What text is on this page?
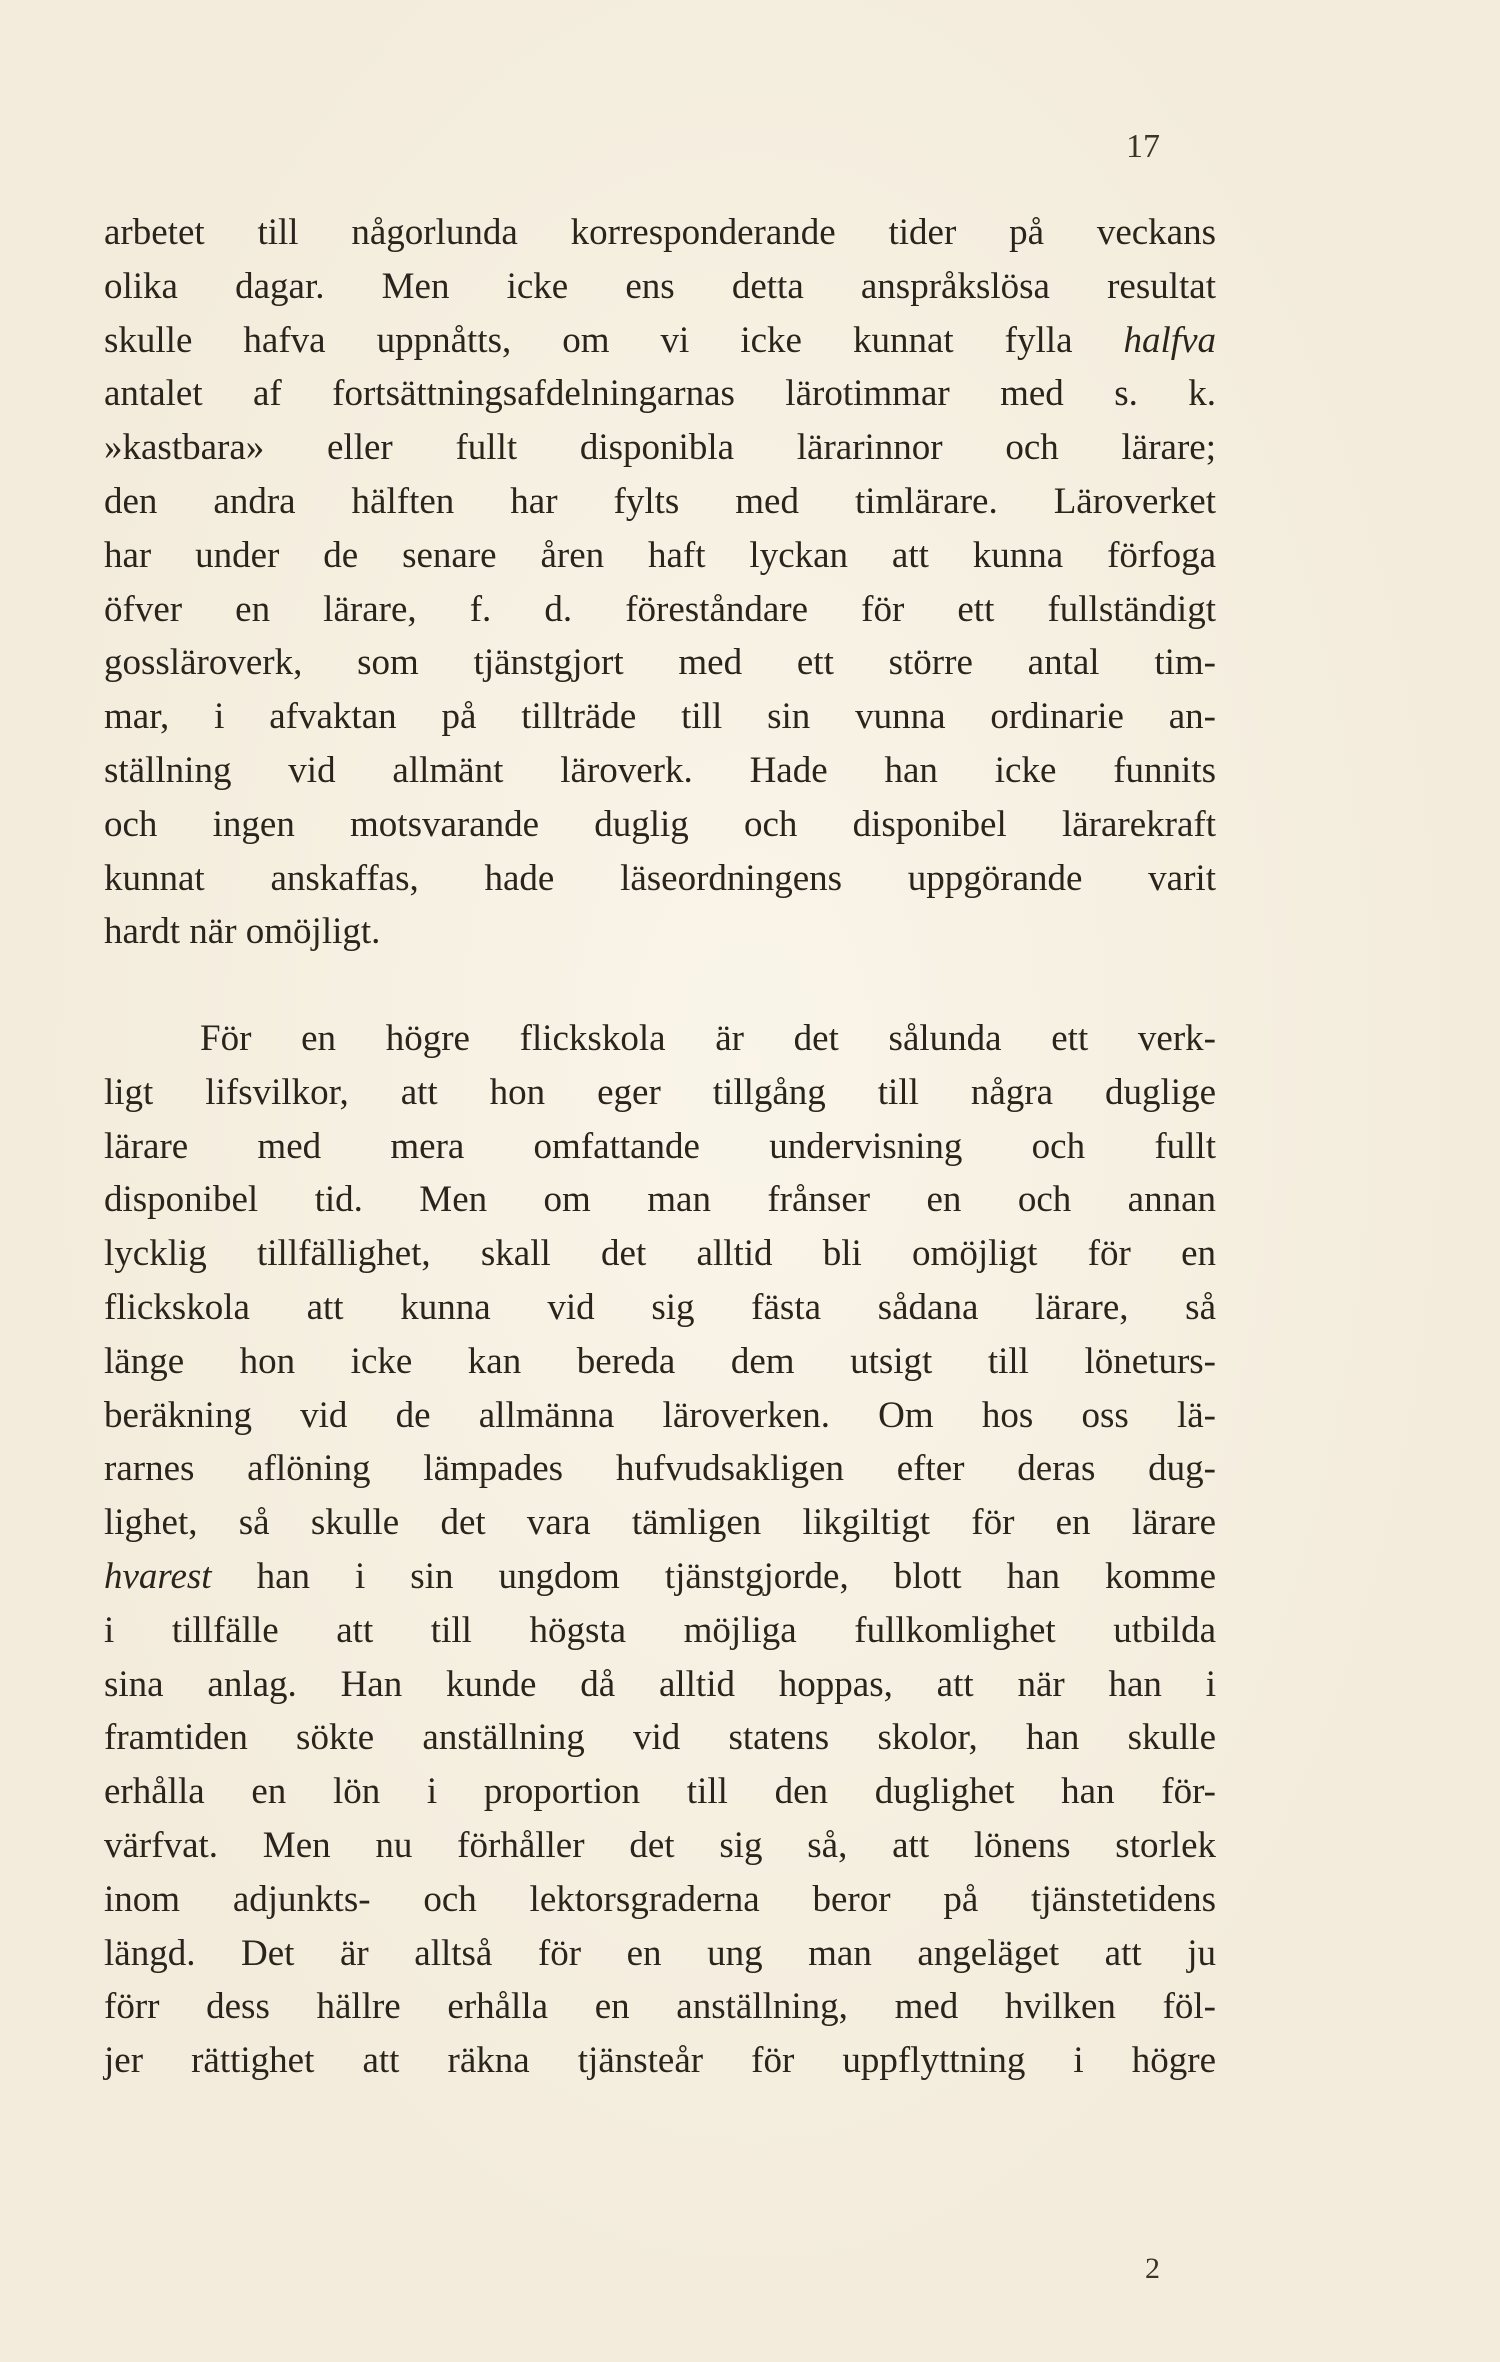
17
arbetet till någorlunda korresponderande tider på veckans
olika dagar. Men icke ens detta anspråkslösa resultat
skulle hafva uppnåtts, om vi icke kunnat fylla halfva
antalet af fortsättningsafdelningarnas lärotimmar med s. k.
»kastbara» eller fullt disponibla lärarinnor och lärare;
den andra hälften har fylts med timlärare. Läroverket
har under de senare åren haft lyckan att kunna förfoga
öfver en lärare, f. d. föreståndare för ett fullständigt
gossläroverk, som tjänstgjort med ett större antal tim-
mar, i afvaktan på tillträde till sin vunna ordinarie an-
ställning vid allmänt läroverk. Hade han icke funnits
och ingen motsvarande duglig och disponibel lärarekraft
kunnat anskaffas, hade läseordningens uppgörande varit
hardt när omöjligt.
För en högre flickskola är det sålunda ett verk-
ligt lifsvilkor, att hon eger tillgång till några duglige
lärare med mera omfattande undervisning och fullt
disponibel tid. Men om man frånser en och annan
lycklig tillfällighet, skall det alltid bli omöjligt för en
flickskola att kunna vid sig fästa sådana lärare, så
länge hon icke kan bereda dem utsigt till löneturs-
beräkning vid de allmänna läroverken. Om hos oss lä-
rarnes aflöning lämpades hufvudsakligen efter deras dug-
lighet, så skulle det vara tämligen likgiltigt för en lärare
hvarest han i sin ungdom tjänstgjorde, blott han komme
i tillfälle att till högsta möjliga fullkomlighet utbilda
sina anlag. Han kunde då alltid hoppas, att när han i
framtiden sökte anställning vid statens skolor, han skulle
erhålla en lön i proportion till den duglighet han för-
värfvat. Men nu förhåller det sig så, att lönens storlek
inom adjunkts- och lektorsgraderna beror på tjänstetidens
längd. Det är alltså för en ung man angeläget att ju
förr dess hällre erhålla en anställning, med hvilken föl-
jer rättighet att räkna tjänsteår för uppflyttning i högre
2
